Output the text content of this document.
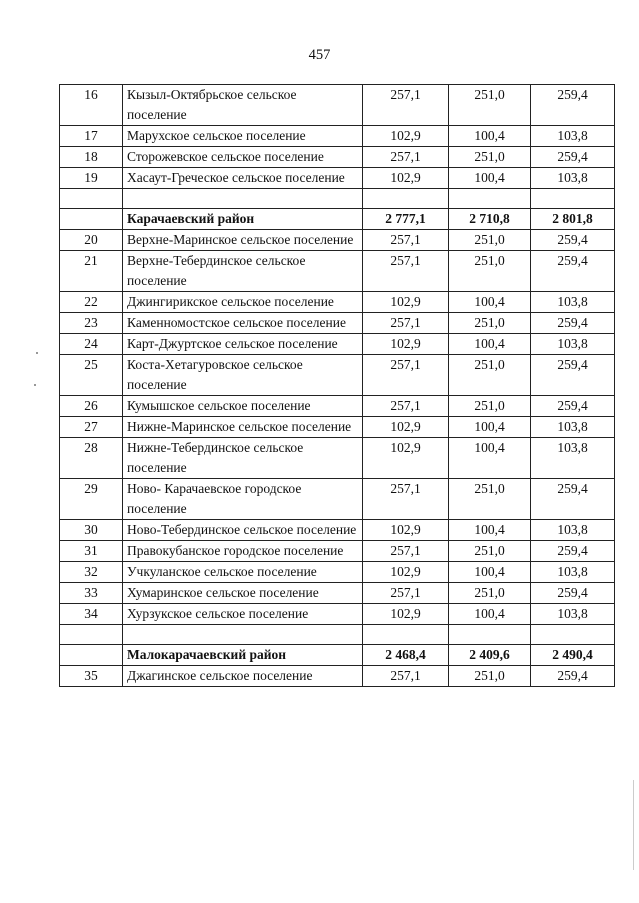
457
16	Кызыл-Октябрьское сельское поселение	257,1	251,0	259,4
17	Марухское сельское поселение	102,9	100,4	103,8
18	Сторожевское сельское поселение	257,1	251,0	259,4
19	Хасаут-Греческое сельское поселение	102,9	100,4	103,8

	Карачаевский район	2 777,1	2 710,8	2 801,8
20	Верхне-Маринское сельское поселение	257,1	251,0	259,4
21	Верхне-Тебердинское сельское поселение	257,1	251,0	259,4
22	Джингирикское сельское поселение	102,9	100,4	103,8
23	Каменномостское сельское поселение	257,1	251,0	259,4
24	Карт-Джуртское сельское поселение	102,9	100,4	103,8
25	Коста-Хетагуровское сельское поселение	257,1	251,0	259,4
26	Кумышское сельское поселение	257,1	251,0	259,4
27	Нижне-Маринское сельское поселение	102,9	100,4	103,8
28	Нижне-Тебердинское сельское поселение	102,9	100,4	103,8
29	Ново- Карачаевское городское поселение	257,1	251,0	259,4
30	Ново-Тебердинское сельское поселение	102,9	100,4	103,8
31	Правокубанское городское поселение	257,1	251,0	259,4
32	Учкуланское сельское поселение	102,9	100,4	103,8
33	Хумаринское сельское поселение	257,1	251,0	259,4
34	Хурзукское сельское поселение	102,9	100,4	103,8

	Малокарачаевский район	2 468,4	2 409,6	2 490,4
35	Джагинское сельское поселение	257,1	251,0	259,4
